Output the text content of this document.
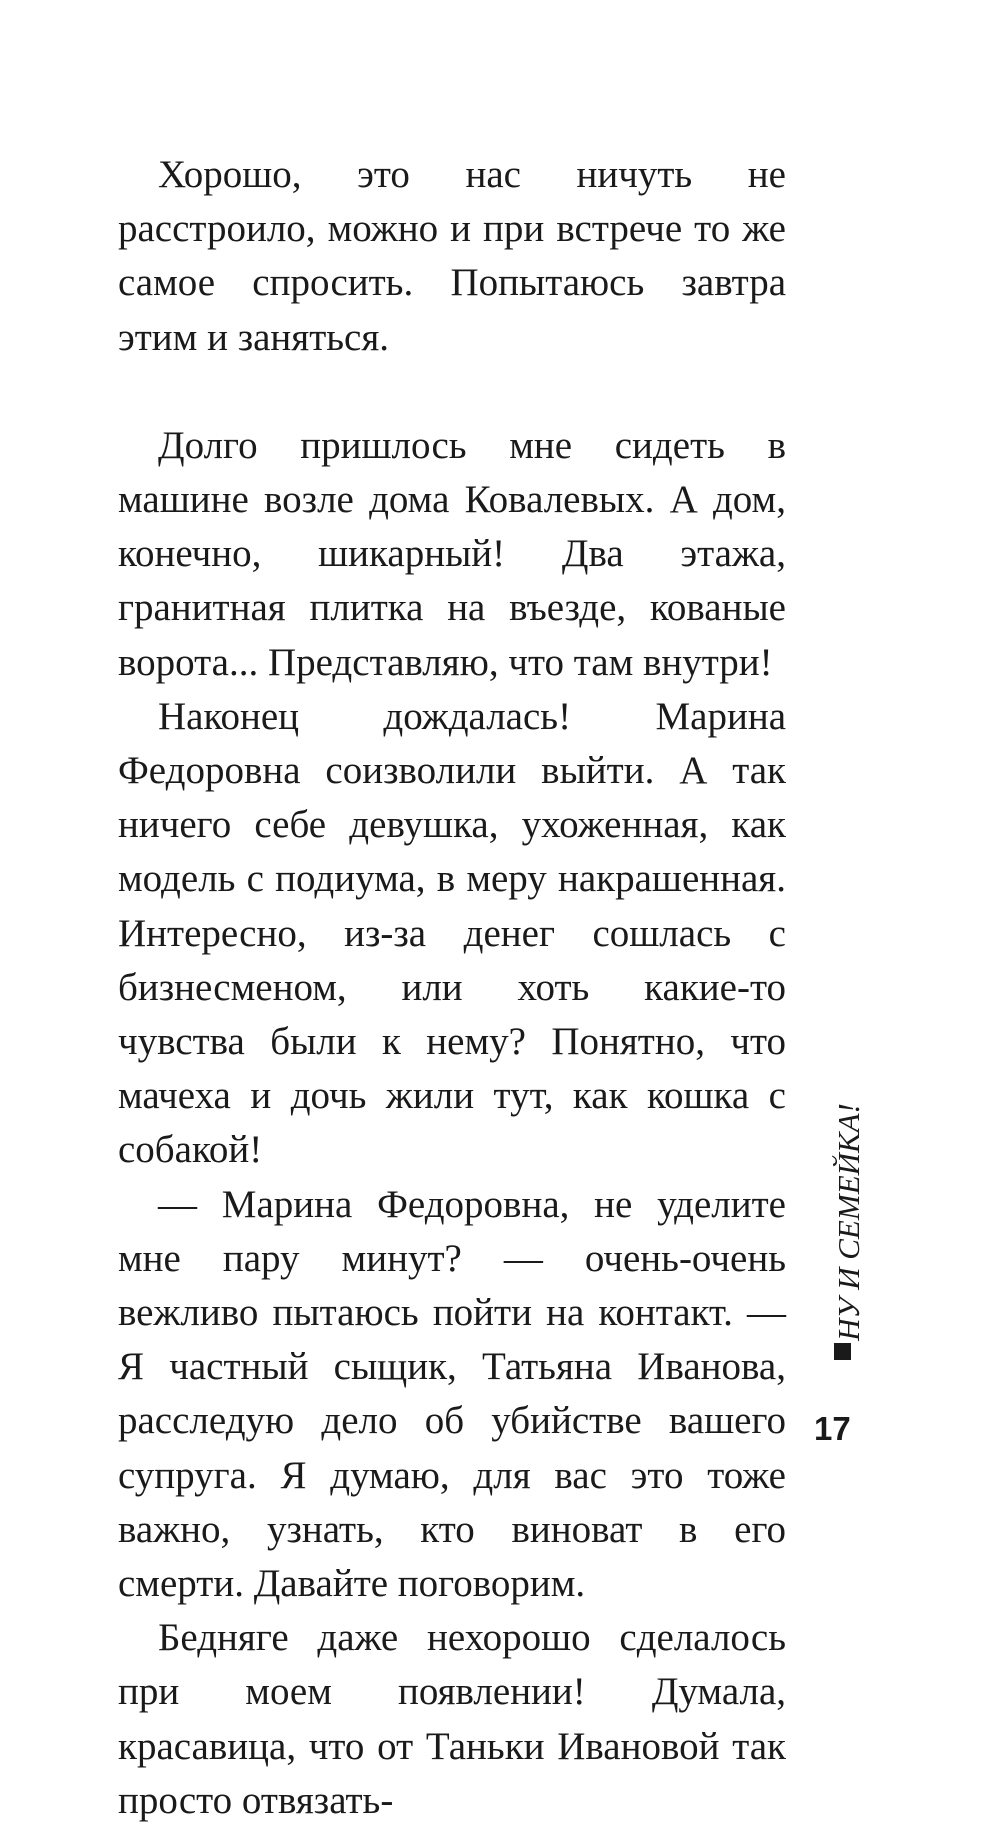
Хорошо, это нас ничуть не расстроило, можно и при встрече то же самое спросить. Попытаюсь завтра этим и заняться.

Долго пришлось мне сидеть в машине возле дома Ковалевых. А дом, конечно, шикарный! Два этажа, гранитная плитка на въезде, кованые ворота... Представляю, что там внутри!

Наконец дождалась! Марина Федоровна соизволили выйти. А так ничего себе девушка, ухоженная, как модель с подиума, в меру накрашенная. Интересно, из-за денег сошлась с бизнесменом, или хоть какие-то чувства были к нему? Понятно, что мачеха и дочь жили тут, как кошка с собакой!

— Марина Федоровна, не уделите мне пару минут? — очень-очень вежливо пытаюсь пойти на контакт. — Я частный сыщик, Татьяна Иванова, расследую дело об убийстве вашего супруга. Я думаю, для вас это тоже важно, узнать, кто виноват в его смерти. Давайте поговорим.

Бедняге даже нехорошо сделалось при моем появлении! Думала, красавица, что от Таньки Ивановой так просто отвязать-

НУ И СЕМЕЙКА!
17
